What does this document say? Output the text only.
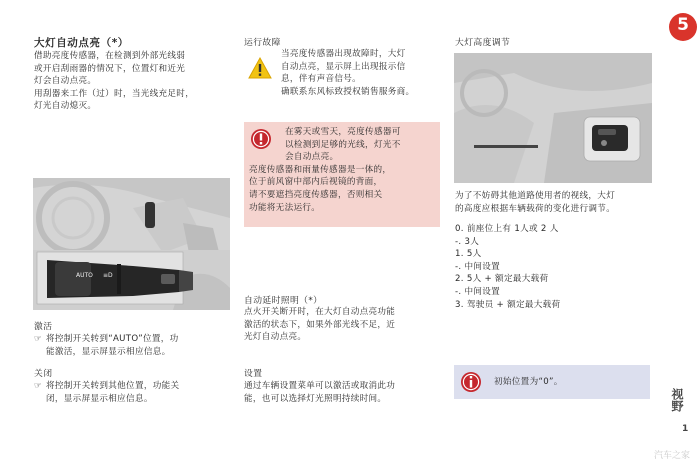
大灯自动点亮（*）
借助亮度传感器，在检测到外部光线弱
或开启刮雨器的情况下，位置灯和近光
灯会自动点亮。
用刮器来工作（过）时，当光线充足时，
灯光自动熄灭。
AUTO ≡D
激活
☞ 将控制开关转到“AUTO”位置，功
能激活，显示屏显示相应信息。
关闭
☞ 将控制开关转到其他位置，功能关
闭，显示屏显示相应信息。
运行故障
当亮度传感器出现故障时，大灯
自动点亮，显示屏上出现报示信
息，伴有声音信号。
确联系东风标致授权销售服务商。
在雾天或雪天，亮度传感器可
以检测到足够的光线，灯光不
会自动点亮。
亮度传感器和雨量传感器是一体的，
位于前风窗中部内后视镜的背面，
请不要遮挡亮度传感器，否则相关
功能将无法运行。
自动延时照明（*）
点火开关断开时，在大灯自动点亮功能
激活的状态下，如果外部光线不足，近
光灯自动点亮。
设置
通过车辆设置菜单可以激活或取消此功
能，也可以选择灯光照明持续时间。
大灯高度调节
为了不妨碍其他道路使用者的视线，大灯
的高度应根据车辆载荷的变化进行调节。
0. 前座位上有 1人或 2 人
-. 3人
1. 5人
-. 中间设置
2. 5人 + 额定最大载荷
-. 中间设置
3. 驾驶员 + 额定最大载荷
初始位置为“0”。
5
视野
1
汽车之家
